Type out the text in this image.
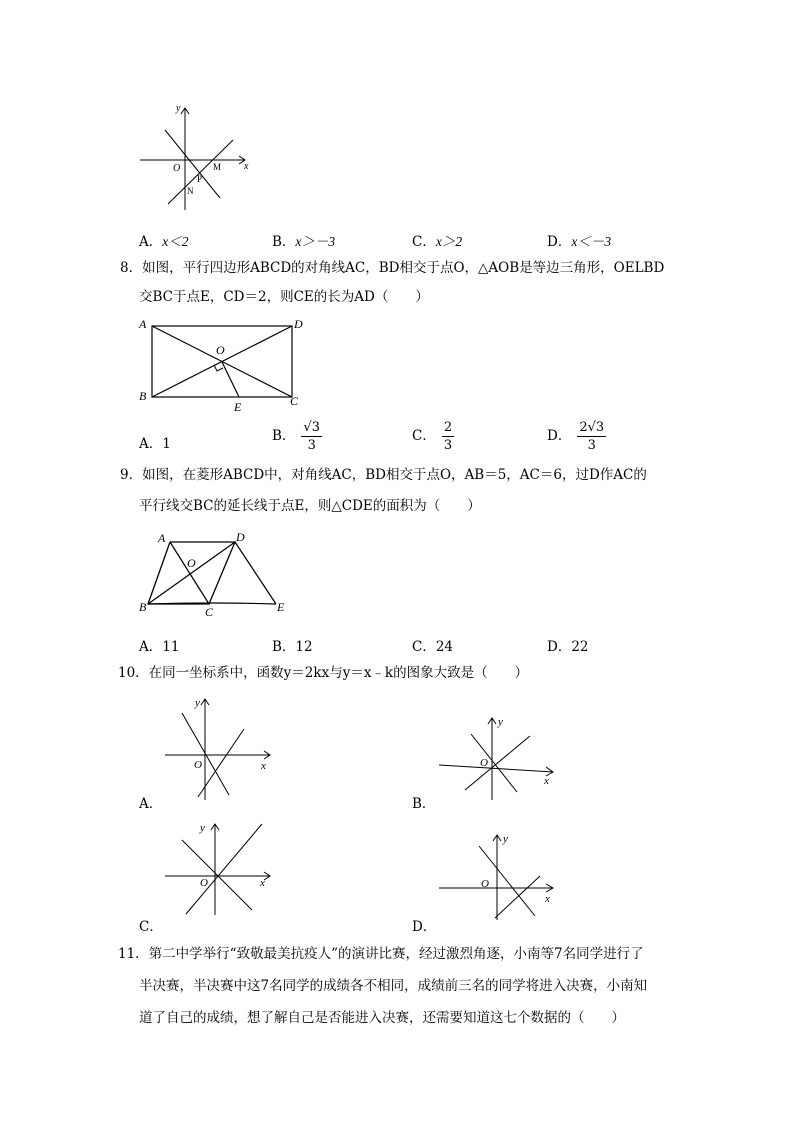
y
x
O	M
P
N
A．x＜2	B．x＞－3	C．x＞2	D．x＜－3
8．如图，平行四边形ABCD的对角线AC，BD相交于点O，△AOB是等边三角形，OELBD
交BC于点E，CD＝2，则CE的长为AD（　　）
A	D
B	C
O
E
A．1	B． $\frac{√3}{3}$	C． $\frac{2}{3}$	D． $\frac{2√3}{3}$
9．如图，在菱形ABCD中，对角线AC，BD相交于点O，AB＝5，AC＝6，过D作AC的
平行线交BC的延长线于点E，则△CDE的面积为（　　）
A	D
B	C
O
E
A．11	B．12	C．24	D．22
10．在同一坐标系中，函数y＝2kx与y＝x﹣k的图象大致是（　　）
y
x
O
A．
y
x
O
B．
y
x
O
C．
y
x
O
D．
11．第二中学举行“致敬最美抗疫人”的演讲比赛，经过激烈角逐，小南等7名同学进行了
半决赛，半决赛中这7名同学的成绩各不相同，成绩前三名的同学将进入决赛，小南知
道了自己的成绩，想了解自己是否能进入决赛，还需要知道这七个数据的（　　）
